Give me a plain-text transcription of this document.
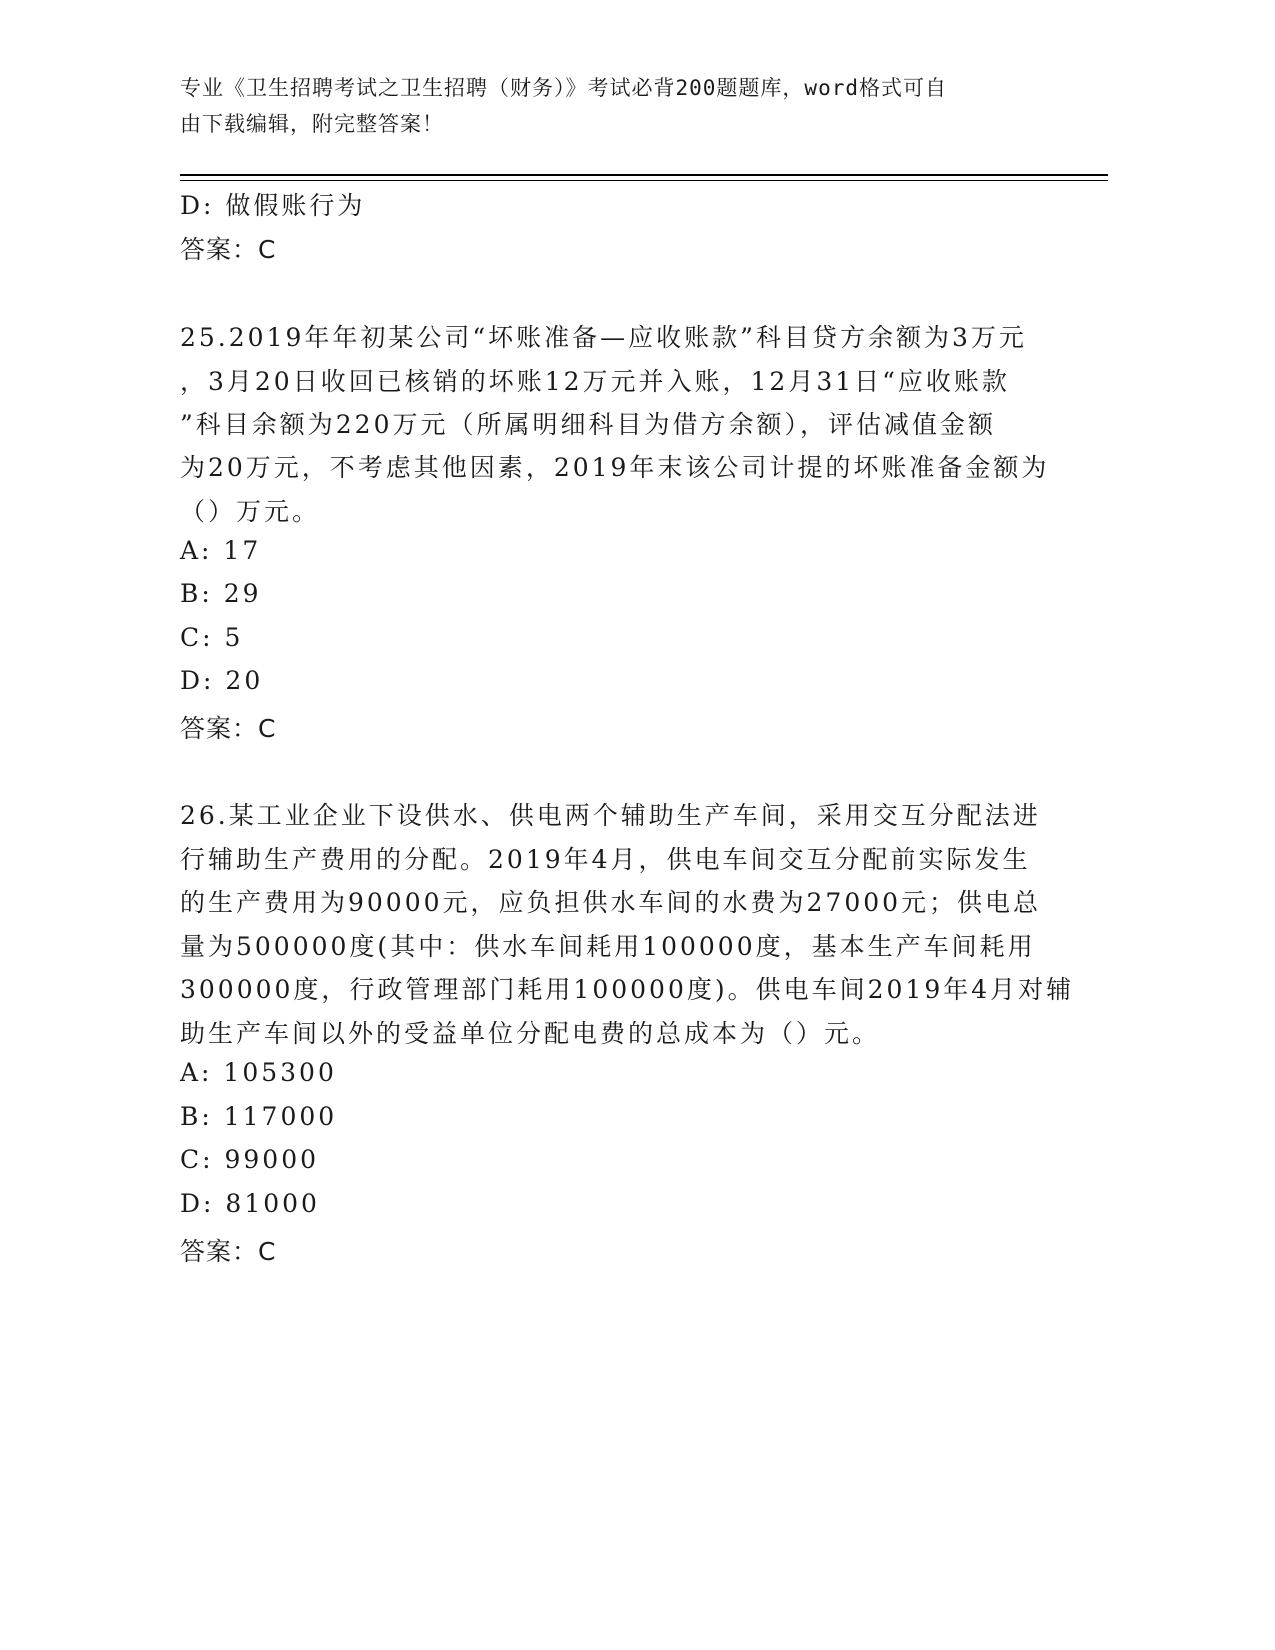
专业《卫生招聘考试之卫生招聘（财务）》考试必背200题题库，word格式可自
由下载编辑，附完整答案！
D: 做假账行为
答案：C
25.2019年年初某公司“坏账准备—应收账款”科目贷方余额为3万元
，3月20日收回已核销的坏账12万元并入账，12月31日“应收账款
”科目余额为220万元（所属明细科目为借方余额），评估减值金额
为20万元，不考虑其他因素，2019年末该公司计提的坏账准备金额为
（）万元。
A: 17
B: 29
C: 5
D: 20
答案：C
26.某工业企业下设供水、供电两个辅助生产车间，采用交互分配法进
行辅助生产费用的分配。2019年4月，供电车间交互分配前实际发生
的生产费用为90000元，应负担供水车间的水费为27000元；供电总
量为500000度(其中：供水车间耗用100000度，基本生产车间耗用
300000度，行政管理部门耗用100000度)。供电车间2019年4月对辅
助生产车间以外的受益单位分配电费的总成本为（）元。
A: 105300
B: 117000
C: 99000
D: 81000
答案：C
